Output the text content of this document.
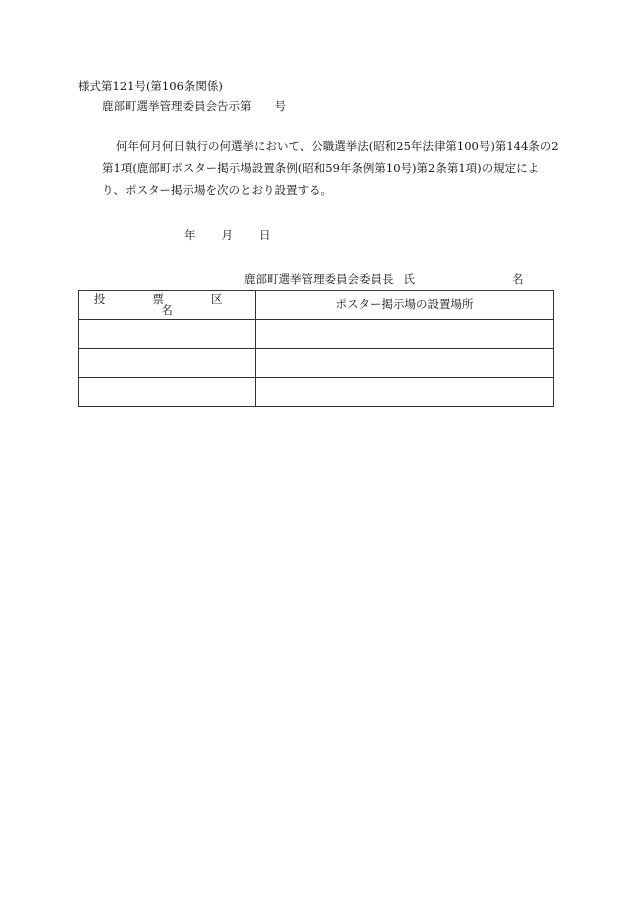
様式第121号(第106条関係)
鹿部町選挙管理委員会告示第　　号
何年何月何日執行の何選挙において、公職選挙法(昭和25年法律第100号)第144条の2
第1項(鹿部町ポスター掲示場設置条例(昭和59年条例第10号)第2条第1項)の規定によ
り、ポスター掲示場を次のとおり設置する。
年 月 日
鹿部町選挙管理委員会委員長 氏	名
投　票　区　名	ポスター掲示場の設置場所
